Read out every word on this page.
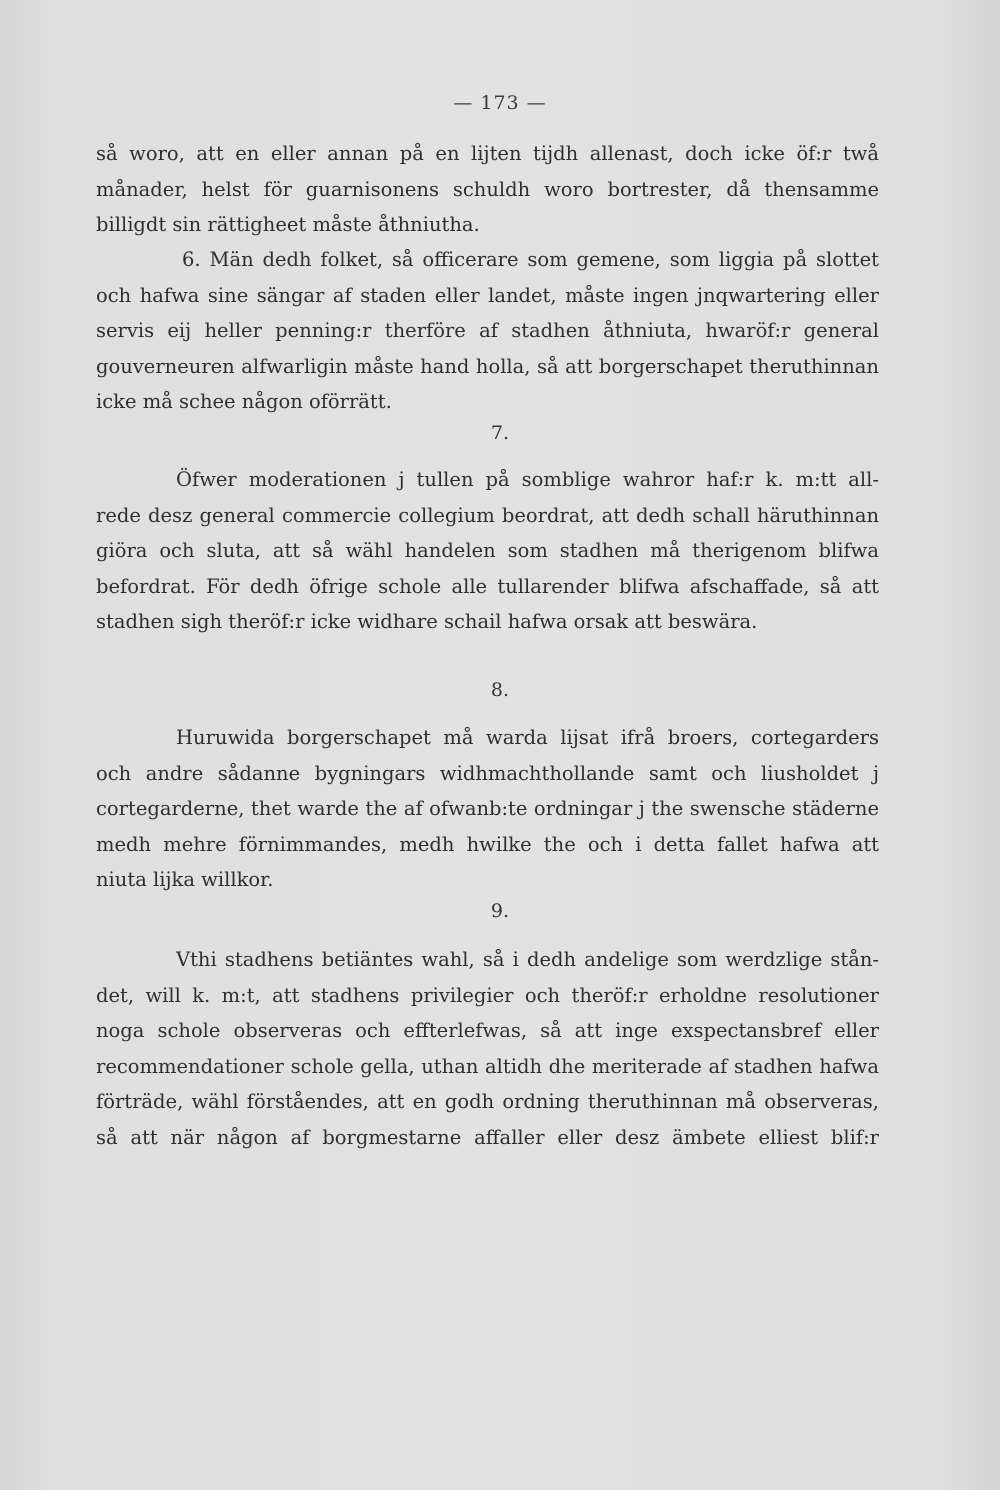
— 173 —
så woro, att en eller annan på en lijten tijdh allenast, doch icke öf:r twå
månader, helst för guarnisonens schuldh woro bortrester, då thensamme
billigdt sin rättigheet måste åthniutha.
6. Män dedh folket, så officerare som gemene, som liggia på slottet
och hafwa sine sängar af staden eller landet, måste ingen jnqwartering eller
servis eij heller penning:r therföre af stadhen åthniuta, hwaröf:r general
gouverneuren alfwarligin måste hand holla, så att borgerschapet theruthinnan
icke må schee någon oförrätt.
7.
Öfwer moderationen j tullen på somblige wahror haf:r k. m:tt all-
rede desz general commercie collegium beordrat, att dedh schall häruthinnan
giöra och sluta, att så wähl handelen som stadhen må therigenom blifwa
befordrat. För dedh öfrige schole alle tullarender blifwa afschaffade, så att
stadhen sigh theröf:r icke widhare schail hafwa orsak att beswära.
8.
Huruwida borgerschapet må warda lijsat ifrå broers, cortegarders
och andre sådanne bygningars widhmachthollande samt och liusholdet j
cortegarderne, thet warde the af ofwanb:te ordningar j the swensche städerne
medh mehre förnimmandes, medh hwilke the och i detta fallet hafwa att
niuta lijka willkor.
9.
Vthi stadhens betiäntes wahl, så i dedh andelige som werdzlige stån-
det, will k. m:t, att stadhens privilegier och theröf:r erholdne resolutioner
noga schole observeras och effterlefwas, så att inge exspectansbref eller
recommendationer schole gella, uthan altidh dhe meriterade af stadhen hafwa
förträde, wähl förståendes, att en godh ordning theruthinnan må observeras,
så att när någon af borgmestarne affaller eller desz ämbete elliest blif:r
